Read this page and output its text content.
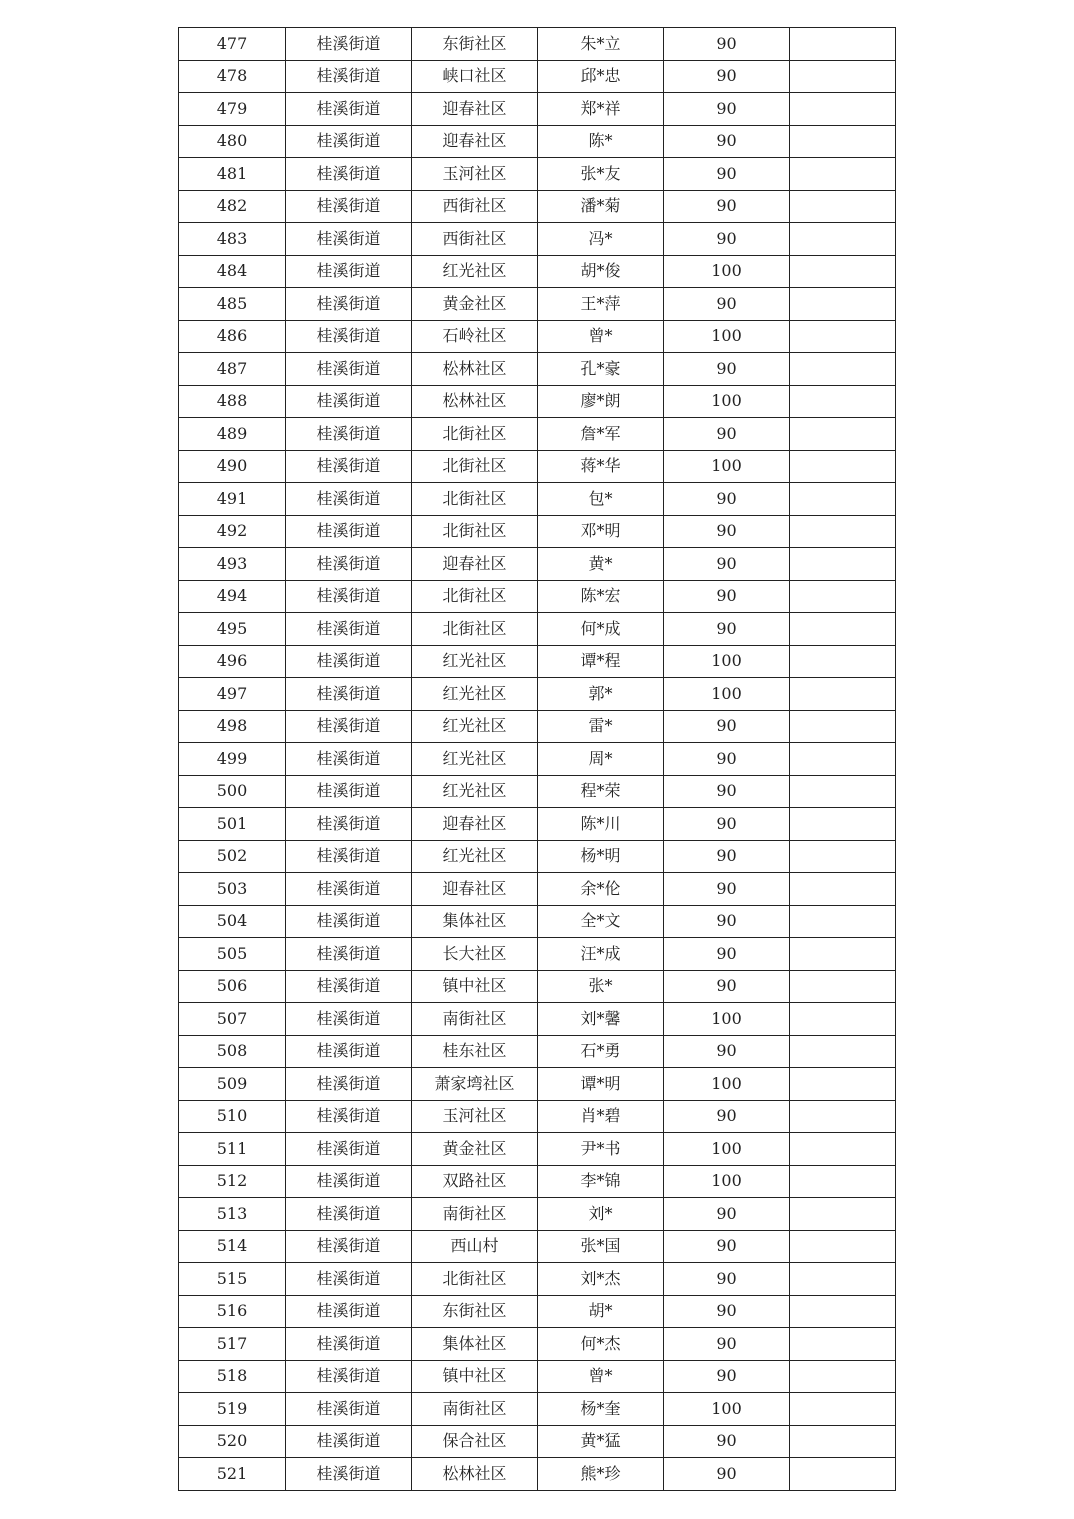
477	桂溪街道	东街社区	朱*立	90	
478	桂溪街道	峡口社区	邱*忠	90	
479	桂溪街道	迎春社区	郑*祥	90	
480	桂溪街道	迎春社区	陈*	90	
481	桂溪街道	玉河社区	张*友	90	
482	桂溪街道	西街社区	潘*菊	90	
483	桂溪街道	西街社区	冯*	90	
484	桂溪街道	红光社区	胡*俊	100	
485	桂溪街道	黄金社区	王*萍	90	
486	桂溪街道	石岭社区	曾*	100	
487	桂溪街道	松林社区	孔*豪	90	
488	桂溪街道	松林社区	廖*朗	100	
489	桂溪街道	北街社区	詹*军	90	
490	桂溪街道	北街社区	蒋*华	100	
491	桂溪街道	北街社区	包*	90	
492	桂溪街道	北街社区	邓*明	90	
493	桂溪街道	迎春社区	黄*	90	
494	桂溪街道	北街社区	陈*宏	90	
495	桂溪街道	北街社区	何*成	90	
496	桂溪街道	红光社区	谭*程	100	
497	桂溪街道	红光社区	郭*	100	
498	桂溪街道	红光社区	雷*	90	
499	桂溪街道	红光社区	周*	90	
500	桂溪街道	红光社区	程*荣	90	
501	桂溪街道	迎春社区	陈*川	90	
502	桂溪街道	红光社区	杨*明	90	
503	桂溪街道	迎春社区	余*伦	90	
504	桂溪街道	集体社区	全*文	90	
505	桂溪街道	长大社区	汪*成	90	
506	桂溪街道	镇中社区	张*	90	
507	桂溪街道	南街社区	刘*馨	100	
508	桂溪街道	桂东社区	石*勇	90	
509	桂溪街道	萧家塆社区	谭*明	100	
510	桂溪街道	玉河社区	肖*碧	90	
511	桂溪街道	黄金社区	尹*书	100	
512	桂溪街道	双路社区	李*锦	100	
513	桂溪街道	南街社区	刘*	90	
514	桂溪街道	西山村	张*国	90	
515	桂溪街道	北街社区	刘*杰	90	
516	桂溪街道	东街社区	胡*	90	
517	桂溪街道	集体社区	何*杰	90	
518	桂溪街道	镇中社区	曾*	90	
519	桂溪街道	南街社区	杨*奎	100	
520	桂溪街道	保合社区	黄*猛	90	
521	桂溪街道	松林社区	熊*珍	90	
